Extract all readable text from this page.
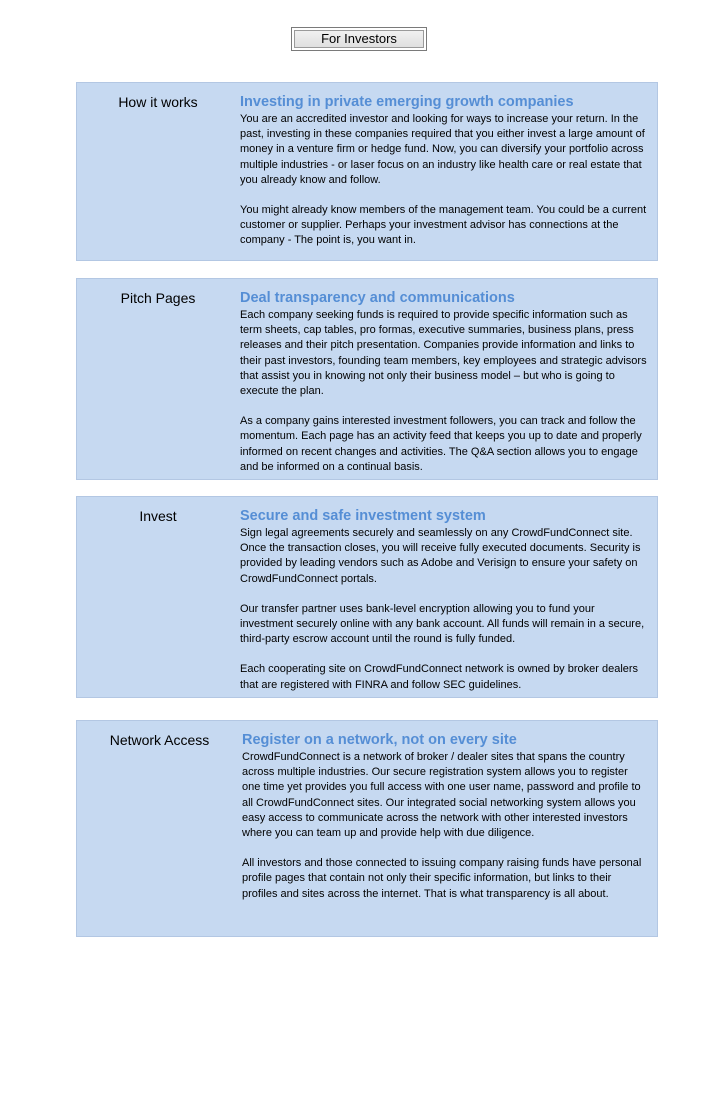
For Investors
How it works	Investing in private emerging growth companies

You are an accredited investor and looking for ways to increase your return. In the past, investing in these companies required that you either invest a large amount of money in a venture firm or hedge fund. Now, you can diversify your portfolio across multiple industries - or laser focus on an industry like health care or real estate that you already know and follow.

You might already know members of the management team. You could be a current customer or supplier. Perhaps your investment advisor has connections at the company - The point is, you want in.

Pitch Pages	Deal transparency and communications

Each company seeking funds is required to provide specific information such as term sheets, cap tables, pro formas, executive summaries, business plans, press releases and their pitch presentation. Companies provide information and links to their past investors, founding team members, key employees and strategic advisors that assist you in knowing not only their business model – but who is going to execute the plan.

As a company gains interested investment followers, you can track and follow the momentum. Each page has an activity feed that keeps you up to date and properly informed on recent changes and activities. The Q&A section allows you to engage and be informed on a continual basis.

Invest	Secure and safe investment system

Sign legal agreements securely and seamlessly on any CrowdFundConnect site. Once the transaction closes, you will receive fully executed documents. Security is provided by leading vendors such as Adobe and Verisign to ensure your safety on CrowdFundConnect portals.

Our transfer partner uses bank-level encryption allowing you to fund your investment securely online with any bank account. All funds will remain in a secure, third-party escrow account until the round is fully funded.

Each cooperating site on CrowdFundConnect network is owned by broker dealers that are registered with FINRA and follow SEC guidelines.

Network Access	Register on a network, not on every site

CrowdFundConnect is a network of broker / dealer sites that spans the country across multiple industries. Our secure registration system allows you to register one time yet provides you full access with one user name, password and profile to all CrowdFundConnect sites. Our integrated social networking system allows you easy access to communicate across the network with other interested investors where you can team up and provide help with due diligence.

All investors and those connected to issuing company raising funds have personal profile pages that contain not only their specific information, but links to their profiles and sites across the internet. That is what transparency is all about.
